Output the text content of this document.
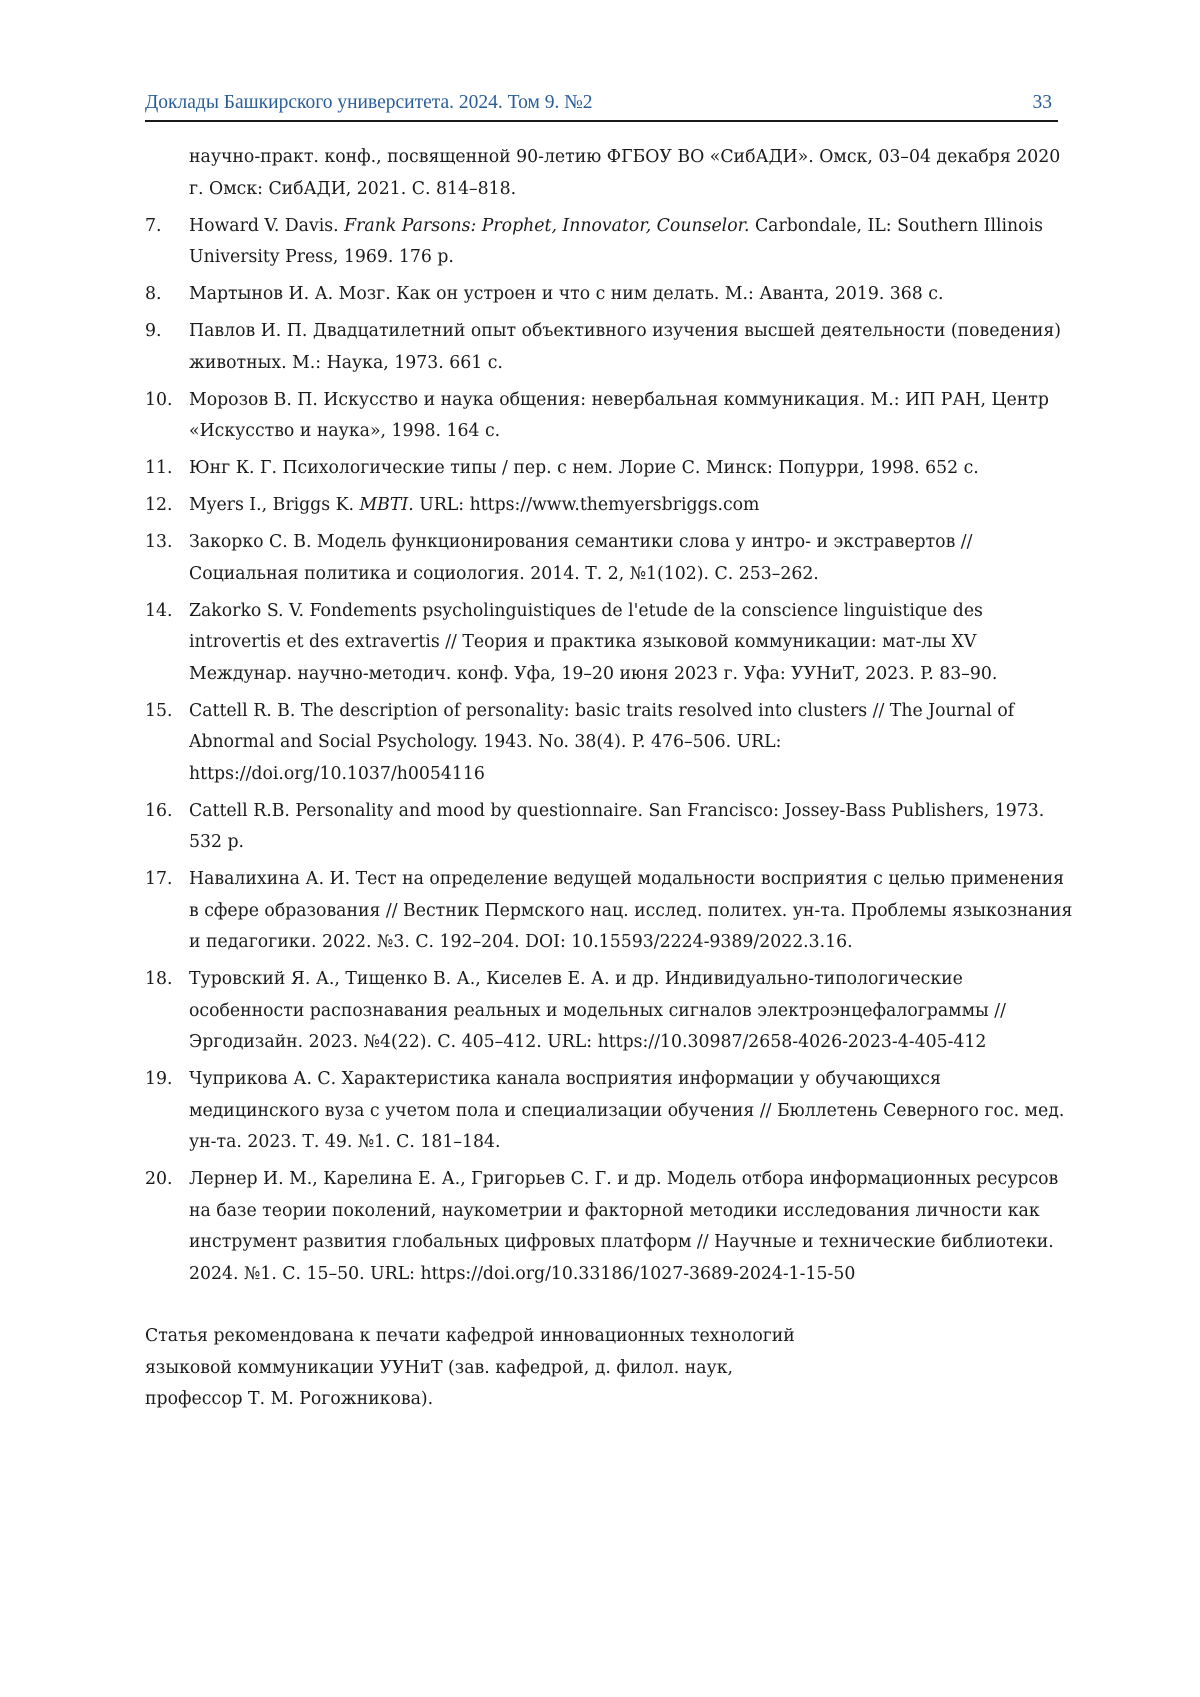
Доклады Башкирского университета. 2024. Том 9. №2	33
научно-практ. конф., посвященной 90-летию ФГБОУ ВО «СибАДИ». Омск, 03–04 декабря 2020 г. Омск: СибАДИ, 2021. С. 814–818.
7. Howard V. Davis. Frank Parsons: Prophet, Innovator, Counselor. Carbondale, IL: Southern Illinois University Press, 1969. 176 p.
8. Мартынов И. А. Мозг. Как он устроен и что с ним делать. М.: Аванта, 2019. 368 с.
9. Павлов И. П. Двадцатилетний опыт объективного изучения высшей деятельности (поведения) животных. М.: Наука, 1973. 661 с.
10. Морозов В. П. Искусство и наука общения: невербальная коммуникация. М.: ИП РАН, Центр «Искусство и наука», 1998. 164 с.
11. Юнг К. Г. Психологические типы / пер. с нем. Лорие С. Минск: Попурри, 1998. 652 с.
12. Myers I., Briggs K. MBTI. URL: https://www.themyersbriggs.com
13. Закорко С. В. Модель функционирования семантики слова у интро- и экстравертов // Социальная политика и социология. 2014. Т. 2, №1(102). С. 253–262.
14. Zakorko S. V. Fondements psycholinguistiques de l'etude de la conscience linguistique des introvertis et des extravertis // Теория и практика языковой коммуникации: мат-лы XV Междунар. научно-методич. конф. Уфа, 19–20 июня 2023 г. Уфа: УУНиТ, 2023. P. 83–90.
15. Cattell R. B. The description of personality: basic traits resolved into clusters // The Journal of Abnormal and Social Psychology. 1943. No. 38(4). P. 476–506. URL: https://doi.org/10.1037/h0054116
16. Cattell R.B. Personality and mood by questionnaire. San Francisco: Jossey-Bass Publishers, 1973. 532 p.
17. Навалихина А. И. Тест на определение ведущей модальности восприятия с целью применения в сфере образования // Вестник Пермского нац. исслед. политех. ун-та. Проблемы языкознания и педагогики. 2022. №3. С. 192–204. DOI: 10.15593/2224-9389/2022.3.16.
18. Туровский Я. А., Тищенко В. А., Киселев Е. А. и др. Индивидуально-типологические особенности распознавания реальных и модельных сигналов электроэнцефалограммы // Эргодизайн. 2023. №4(22). С. 405–412. URL: https://10.30987/2658-4026-2023-4-405-412
19. Чуприкова А. С. Характеристика канала восприятия информации у обучающихся медицинского вуза с учетом пола и специализации обучения // Бюллетень Северного гос. мед. ун-та. 2023. Т. 49. №1. С. 181–184.
20. Лернер И. М., Карелина Е. А., Григорьев С. Г. и др. Модель отбора информационных ресурсов на базе теории поколений, наукометрии и факторной методики исследования личности как инструмент развития глобальных цифровых платформ // Научные и технические библиотеки. 2024. №1. С. 15–50. URL: https://doi.org/10.33186/1027-3689-2024-1-15-50
Статья рекомендована к печати кафедрой инновационных технологий
языковой коммуникации УУНиТ (зав. кафедрой, д. филол. наук,
профессор Т. М. Рогожникова).
